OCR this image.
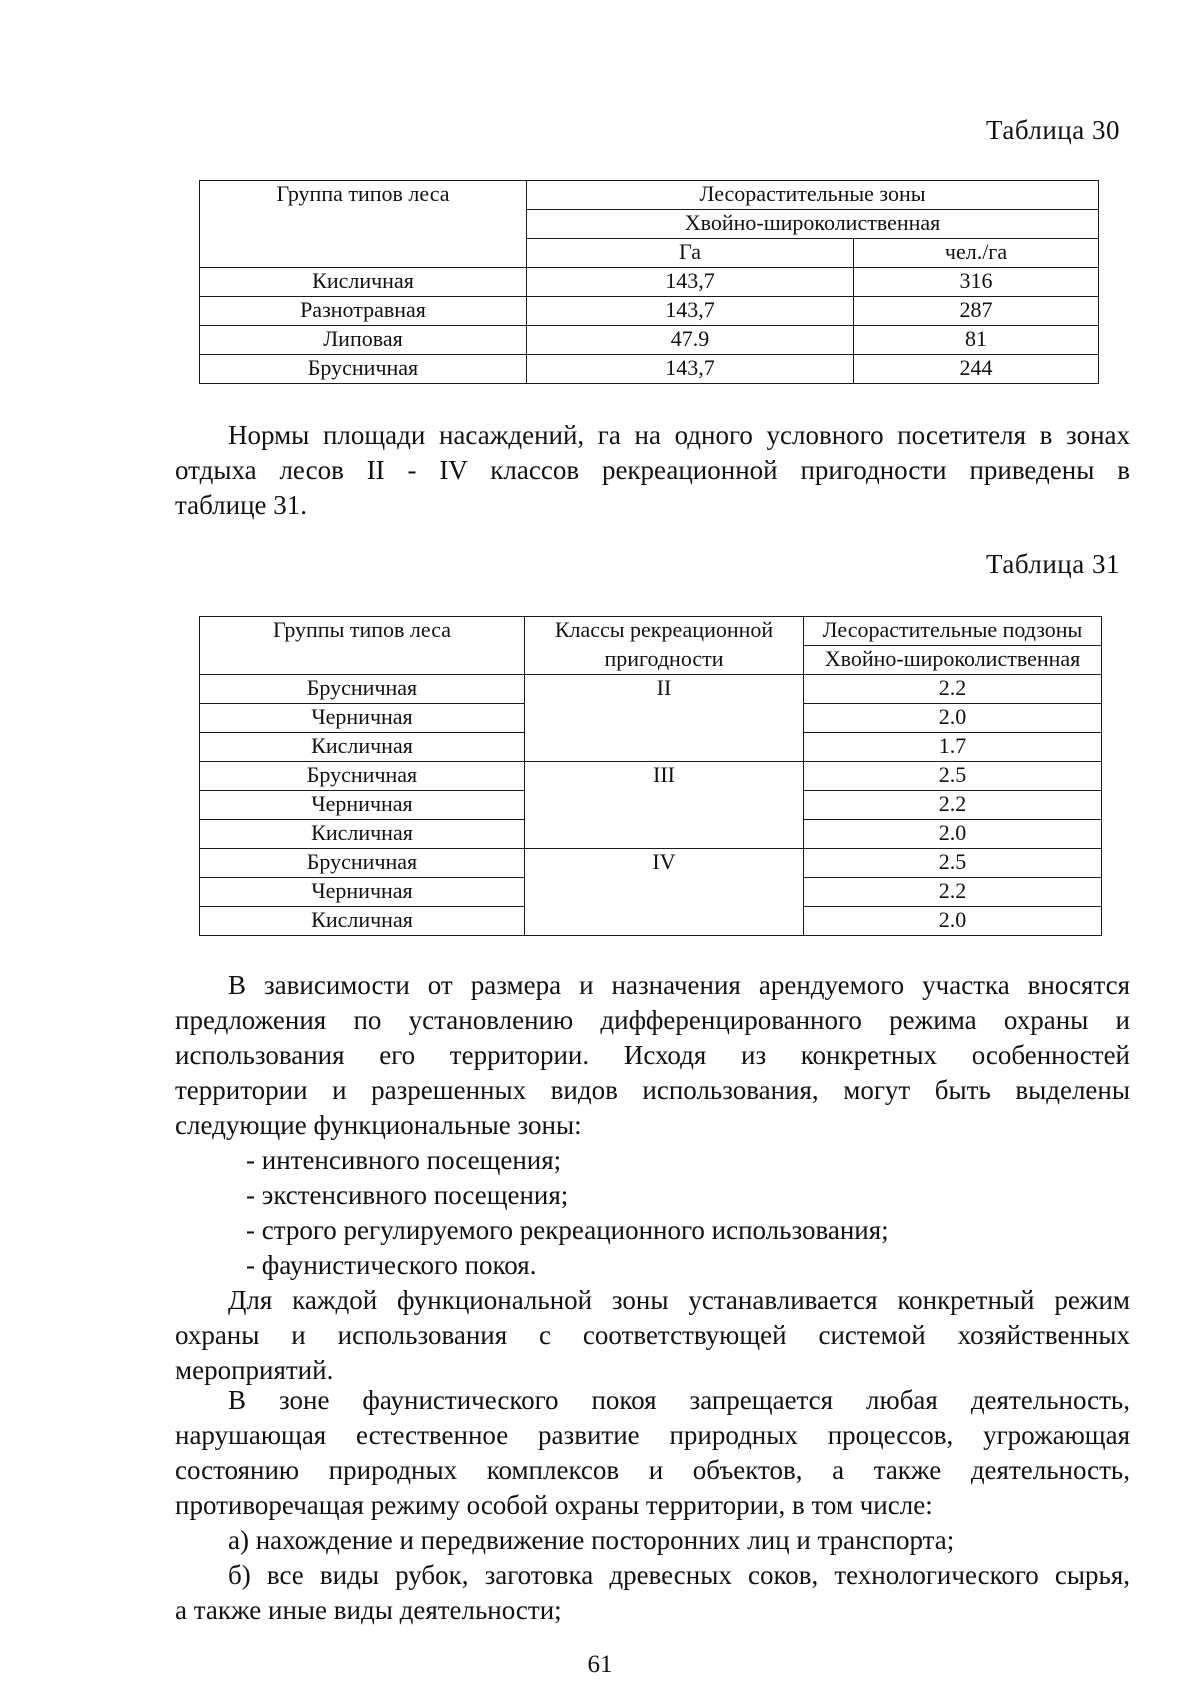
Таблица 30
Группа типов леса	Лесорастительные зоны	
	Хвойно-широколиственная	
	Га	чел./га
Кисличная	143,7	316
Разнотравная	143,7	287
Липовая	47.9	81
Брусничная	143,7	244
Нормы площади насаждений, га на одного условного посетителя в зонах
отдыха лесов II - IV классов рекреационной пригодности приведены в
таблице 31.
Таблица 31
Группы типов леса	Классы рекреационной	Лесорастительные подзоны
	пригодности	Хвойно-широколиственная
Брусничная	II	2.2
Черничная		2.0
Кисличная		1.7
Брусничная	III	2.5
Черничная		2.2
Кисличная		2.0
Брусничная	IV	2.5
Черничная		2.2
Кисличная		2.0
В зависимости от размера и назначения арендуемого участка вносятся
предложения по установлению дифференцированного режима охраны и
использования его территории. Исходя из конкретных особенностей
территории и разрешенных видов использования, могут быть выделены
следующие функциональные зоны:
- интенсивного посещения;
- экстенсивного посещения;
- строго регулируемого рекреационного использования;
- фаунистического покоя.
Для каждой функциональной зоны устанавливается конкретный режим
охраны и использования с соответствующей системой хозяйственных
мероприятий.
В зоне фаунистического покоя запрещается любая деятельность,
нарушающая естественное развитие природных процессов, угрожающая
состоянию природных комплексов и объектов, а также деятельность,
противоречащая режиму особой охраны территории, в том числе:
а) нахождение и передвижение посторонних лиц и транспорта;
б) все виды рубок, заготовка древесных соков, технологического сырья,
а также иные виды деятельности;
61
